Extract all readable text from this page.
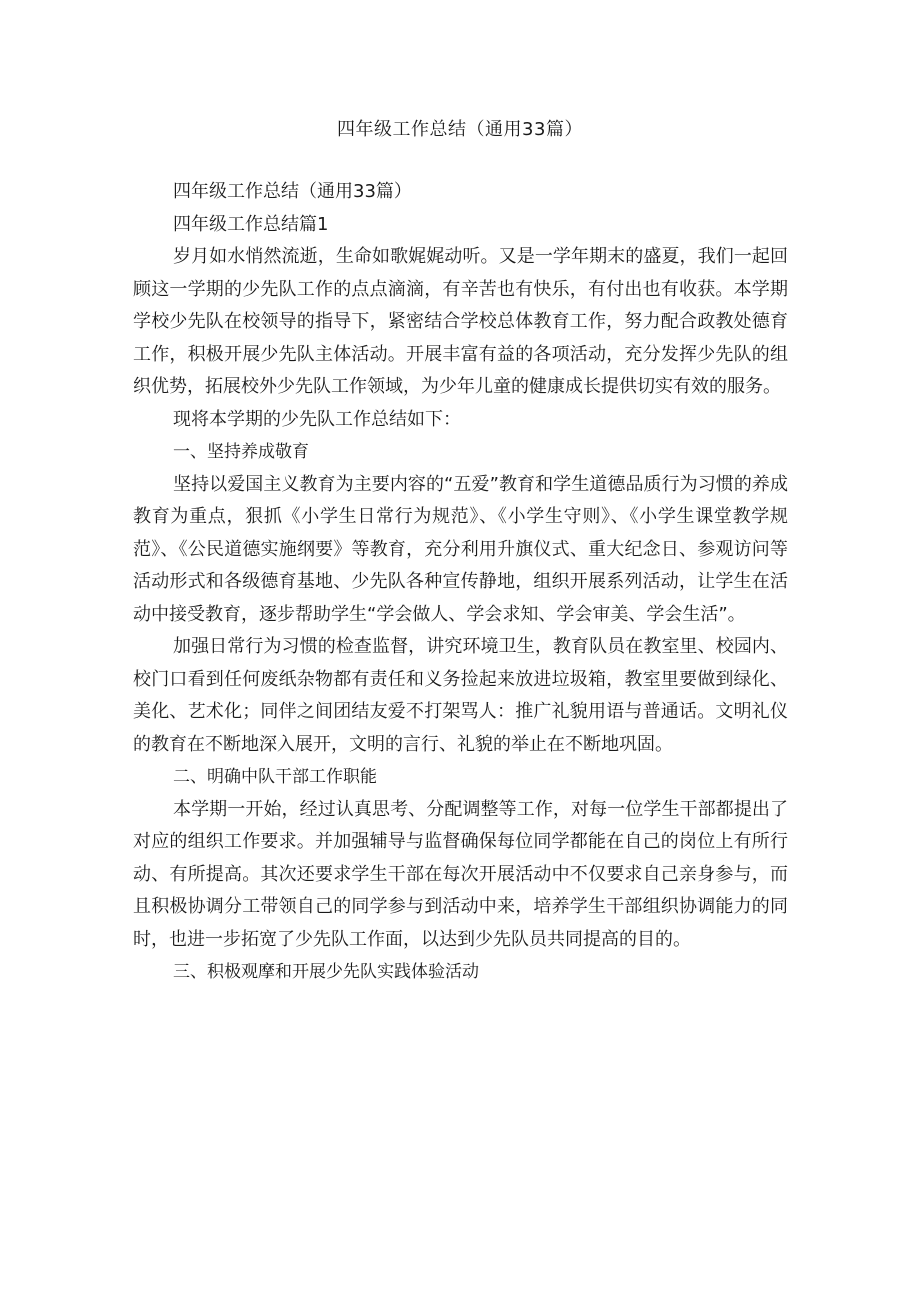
四年级工作总结（通用33篇）

四年级工作总结（通用33篇）

四年级工作总结篇1

岁月如水悄然流逝，生命如歌娓娓动听。又是一学年期末的盛夏，我们一起回顾这一学期的少先队工作的点点滴滴，有辛苦也有快乐，有付出也有收获。本学期学校少先队在校领导的指导下，紧密结合学校总体教育工作，努力配合政教处德育工作，积极开展少先队主体活动。开展丰富有益的各项活动，充分发挥少先队的组织优势，拓展校外少先队工作领域，为少年儿童的健康成长提供切实有效的服务。

现将本学期的少先队工作总结如下：

一、坚持养成敬育

坚持以爱国主义教育为主要内容的“五爱”教育和学生道德品质行为习惯的养成教育为重点，狠抓《小学生日常行为规范》、《小学生守则》、《小学生课堂教学规范》、《公民道德实施纲要》等教育，充分利用升旗仪式、重大纪念日、参观访问等活动形式和各级德育基地、少先队各种宣传静地，组织开展系列活动，让学生在活动中接受教育，逐步帮助学生“学会做人、学会求知、学会审美、学会生活”。

加强日常行为习惯的检查监督，讲究环境卫生，教育队员在教室里、校园内、校门口看到任何废纸杂物都有责任和义务捡起来放进垃圾箱，教室里要做到绿化、美化、艺术化；同伴之间团结友爱不打架骂人：推广礼貌用语与普通话。文明礼仪的教育在不断地深入展开，文明的言行、礼貌的举止在不断地巩固。

二、明确中队干部工作职能

本学期一开始，经过认真思考、分配调整等工作，对每一位学生干部都提出了对应的组织工作要求。并加强辅导与监督确保每位同学都能在自己的岗位上有所行动、有所提高。其次还要求学生干部在每次开展活动中不仅要求自己亲身参与，而且积极协调分工带领自己的同学参与到活动中来，培养学生干部组织协调能力的同时，也进一步拓宽了少先队工作面，以达到少先队员共同提高的目的。

三、积极观摩和开展少先队实践体验活动
